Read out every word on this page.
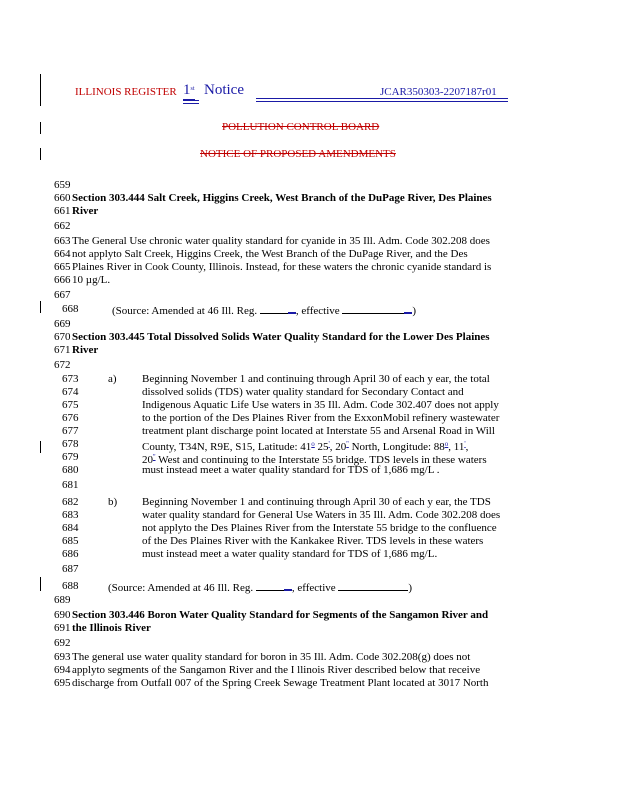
ILLINOIS REGISTER 1st Notice	JCAR350303-2207187r01
POLLUTION CONTROL BOARD
NOTICE OF PROPOSED AMENDMENTS
659
660
661
662
663
664
665
666
667
668
669
670
671
672
673
674
675
676
677
678
679
680
681
682
683
684
685
686
687
688
689
690
691
692
693
694
695
Section 303.444 Salt Creek, Higgins Creek, West Branch of the DuPage River, Des Plaines
River
The General Use chronic water quality standard for cyanide in 35 Ill. Adm. Code 302.208 does
not applyto Salt Creek, Higgins Creek, the West Branch of the DuPage River, and the Des
Plaines River in Cook County, Illinois. Instead, for these waters the chronic cyanide standard is
10 µg/L.
(Source: Amended at 46 Ill. Reg.	, effective	)
Section 303.445 Total Dissolved Solids Water Quality Standard for the Lower Des Plaines
River
a) Beginning November 1 and continuing through April 30 of each y ear, the total
dissolved solids (TDS) water quality standard for Secondary Contact and
Indigenous Aquatic Life Use waters in 35 Ill. Adm. Code 302.407 does not apply
to the portion of the Des Plaines River from the ExxonMobil refinery wastewater
treatment plant discharge point located at Interstate 55 and Arsenal Road in Will
County, T34N, R9E, S15, Latitude: 41$^o$ 25', 20'' North, Longitude: 88$^o$, 11',
20'' West and continuing to the Interstate 55 bridge. TDS levels in these waters
must instead meet a water quality standard for TDS of 1,686 mg/L .
b) Beginning November 1 and continuing through April 30 of each y ear, the TDS
water quality standard for General Use Waters in 35 Ill. Adm. Code 302.208 does
not applyto the Des Plaines River from the Interstate 55 bridge to the confluence
of the Des Plaines River with the Kankakee River. TDS levels in these waters
must instead meet a water quality standard for TDS of 1,686 mg/L.
(Source: Amended at 46 Ill. Reg.	, effective	)
Section 303.446 Boron Water Quality Standard for Segments of the Sangamon River and
the Illinois River
The general use water quality standard for boron in 35 Ill. Adm. Code 302.208(g) does not
applyto segments of the Sangamon River and the I llinois River described below that receive
discharge from Outfall 007 of the Spring Creek Sewage Treatment Plant located at 3017 North
